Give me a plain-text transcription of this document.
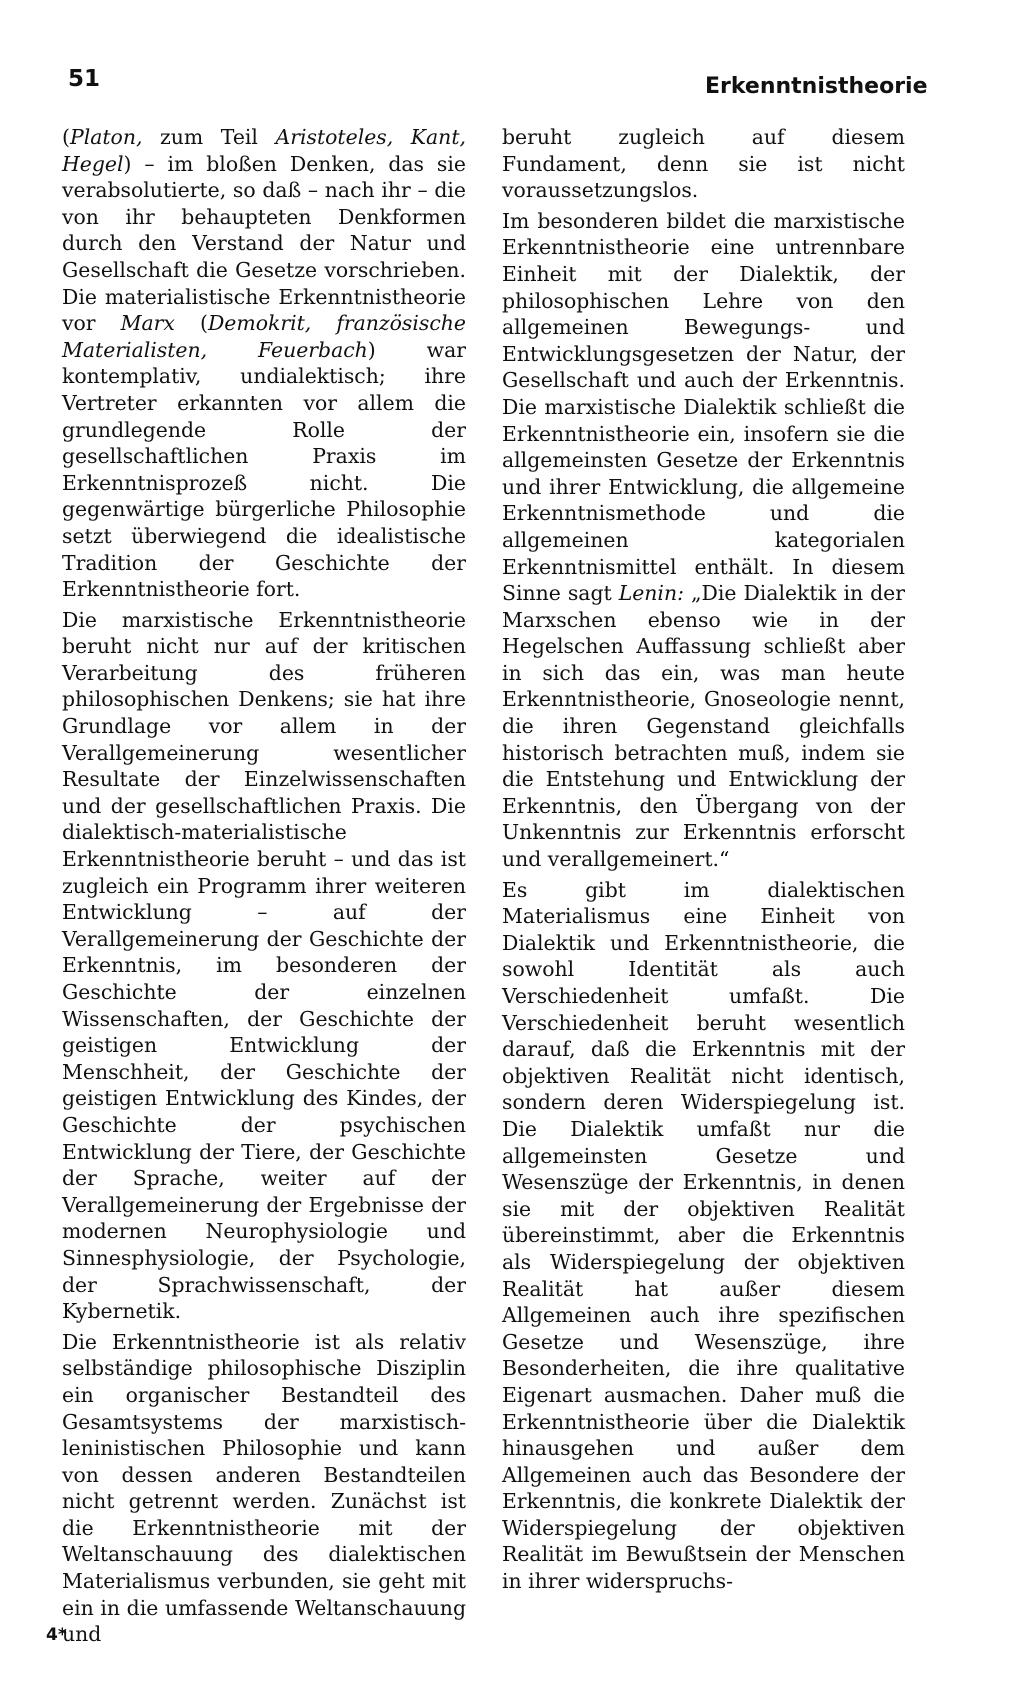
51	Erkenntnistheorie

(Platon, zum Teil Aristoteles, Kant, Hegel) – im bloßen Denken, das sie verabsolutierte, so daß – nach ihr – die von ihr behaupteten Denkformen durch den Verstand der Natur und Gesellschaft die Gesetze vorschrieben. Die materialistische Erkenntnistheorie vor Marx (Demokrit, französische Materialisten, Feuerbach) war kontemplativ, undialektisch; ihre Vertreter erkannten vor allem die grundlegende Rolle der gesellschaftlichen Praxis im Erkenntnisprozeß nicht. Die gegenwärtige bürgerliche Philosophie setzt überwiegend die idealistische Tradition der Geschichte der Erkenntnistheorie fort.

Die marxistische Erkenntnistheorie beruht nicht nur auf der kritischen Verarbeitung des früheren philosophischen Denkens; sie hat ihre Grundlage vor allem in der Verallgemeinerung wesentlicher Resultate der Einzelwissenschaften und der gesellschaftlichen Praxis. Die dialektisch-materialistische Erkenntnistheorie beruht – und das ist zugleich ein Programm ihrer weiteren Entwicklung – auf der Verallgemeinerung der Geschichte der Erkenntnis, im besonderen der Geschichte der einzelnen Wissenschaften, der Geschichte der geistigen Entwicklung der Menschheit, der Geschichte der geistigen Entwicklung des Kindes, der Geschichte der psychischen Entwicklung der Tiere, der Geschichte der Sprache, weiter auf der Verallgemeinerung der Ergebnisse der modernen Neurophysiologie und Sinnesphysiologie, der Psychologie, der Sprachwissenschaft, der Kybernetik.

Die Erkenntnistheorie ist als relativ selbständige philosophische Disziplin ein organischer Bestandteil des Gesamtsystems der marxistisch-leninistischen Philosophie und kann von dessen anderen Bestandteilen nicht getrennt werden. Zunächst ist die Erkenntnistheorie mit der Weltanschauung des dialektischen Materialismus verbunden, sie geht mit ein in die umfassende Weltanschauung und

beruht zugleich auf diesem Fundament, denn sie ist nicht voraussetzungslos.

Im besonderen bildet die marxistische Erkenntnistheorie eine untrennbare Einheit mit der Dialektik, der philosophischen Lehre von den allgemeinen Bewegungs- und Entwicklungsgesetzen der Natur, der Gesellschaft und auch der Erkenntnis. Die marxistische Dialektik schließt die Erkenntnistheorie ein, insofern sie die allgemeinsten Gesetze der Erkenntnis und ihrer Entwicklung, die allgemeine Erkenntnismethode und die allgemeinen kategorialen Erkenntnismittel enthält. In diesem Sinne sagt Lenin: „Die Dialektik in der Marxschen ebenso wie in der Hegelschen Auffassung schließt aber in sich das ein, was man heute Erkenntnistheorie, Gnoseologie nennt, die ihren Gegenstand gleichfalls historisch betrachten muß, indem sie die Entstehung und Entwicklung der Erkenntnis, den Übergang von der Unkenntnis zur Erkenntnis erforscht und verallgemeinert.“

Es gibt im dialektischen Materialismus eine Einheit von Dialektik und Erkenntnistheorie, die sowohl Identität als auch Verschiedenheit umfaßt. Die Verschiedenheit beruht wesentlich darauf, daß die Erkenntnis mit der objektiven Realität nicht identisch, sondern deren Widerspiegelung ist. Die Dialektik umfaßt nur die allgemeinsten Gesetze und Wesenszüge der Erkenntnis, in denen sie mit der objektiven Realität übereinstimmt, aber die Erkenntnis als Widerspiegelung der objektiven Realität hat außer diesem Allgemeinen auch ihre spezifischen Gesetze und Wesenszüge, ihre Besonderheiten, die ihre qualitative Eigenart ausmachen. Daher muß die Erkenntnistheorie über die Dialektik hinausgehen und außer dem Allgemeinen auch das Besondere der Erkenntnis, die konkrete Dialektik der Widerspiegelung der objektiven Realität im Bewußtsein der Menschen in ihrer widerspruchs-

4*
